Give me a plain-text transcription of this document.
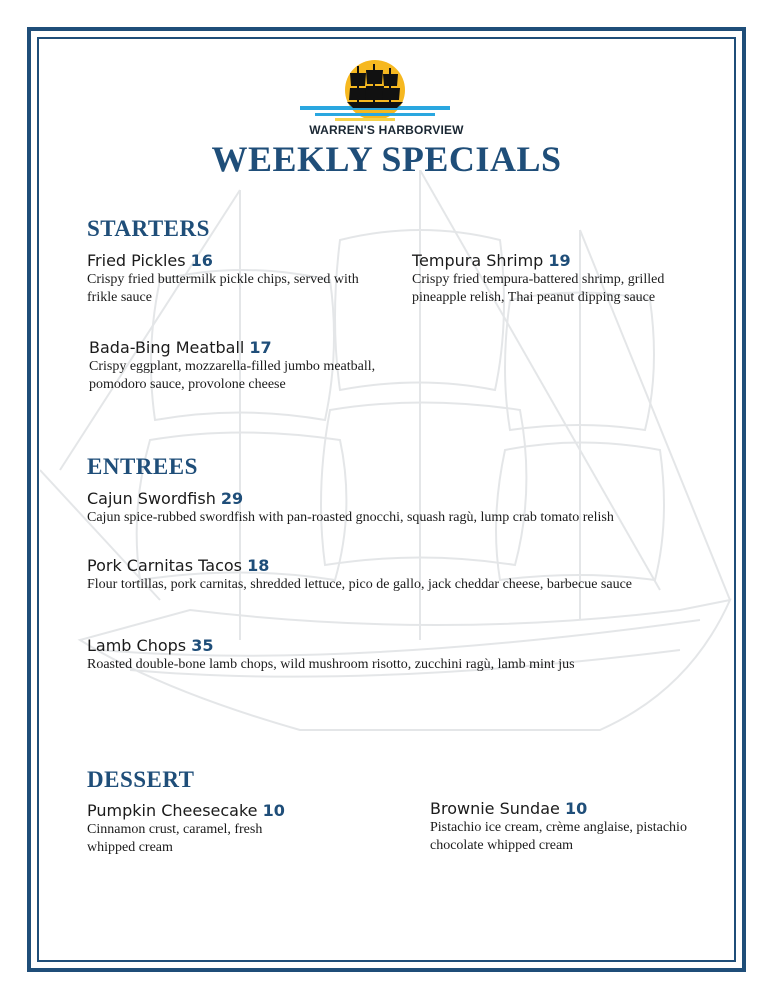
WARREN'S HARBORVIEW
WEEKLY SPECIALS
STARTERS
Fried Pickles 16
Crispy fried buttermilk pickle chips, served with frikle sauce
Tempura Shrimp 19
Crispy fried tempura-battered shrimp, grilled pineapple relish, Thai peanut dipping sauce
Bada-Bing Meatball 17
Crispy eggplant, mozzarella-filled jumbo meatball, pomodoro sauce, provolone cheese
ENTREES
Cajun Swordfish 29
Cajun spice-rubbed swordfish with pan-roasted gnocchi, squash ragù, lump crab tomato relish
Pork Carnitas Tacos 18
Flour tortillas, pork carnitas, shredded lettuce, pico de gallo, jack cheddar cheese, barbecue sauce
Lamb Chops 35
Roasted double-bone lamb chops, wild mushroom risotto, zucchini ragù, lamb mint jus
DESSERT
Pumpkin Cheesecake 10
Cinnamon crust, caramel, fresh whipped cream
Brownie Sundae 10
Pistachio ice cream, crème anglaise, pistachio chocolate whipped cream
